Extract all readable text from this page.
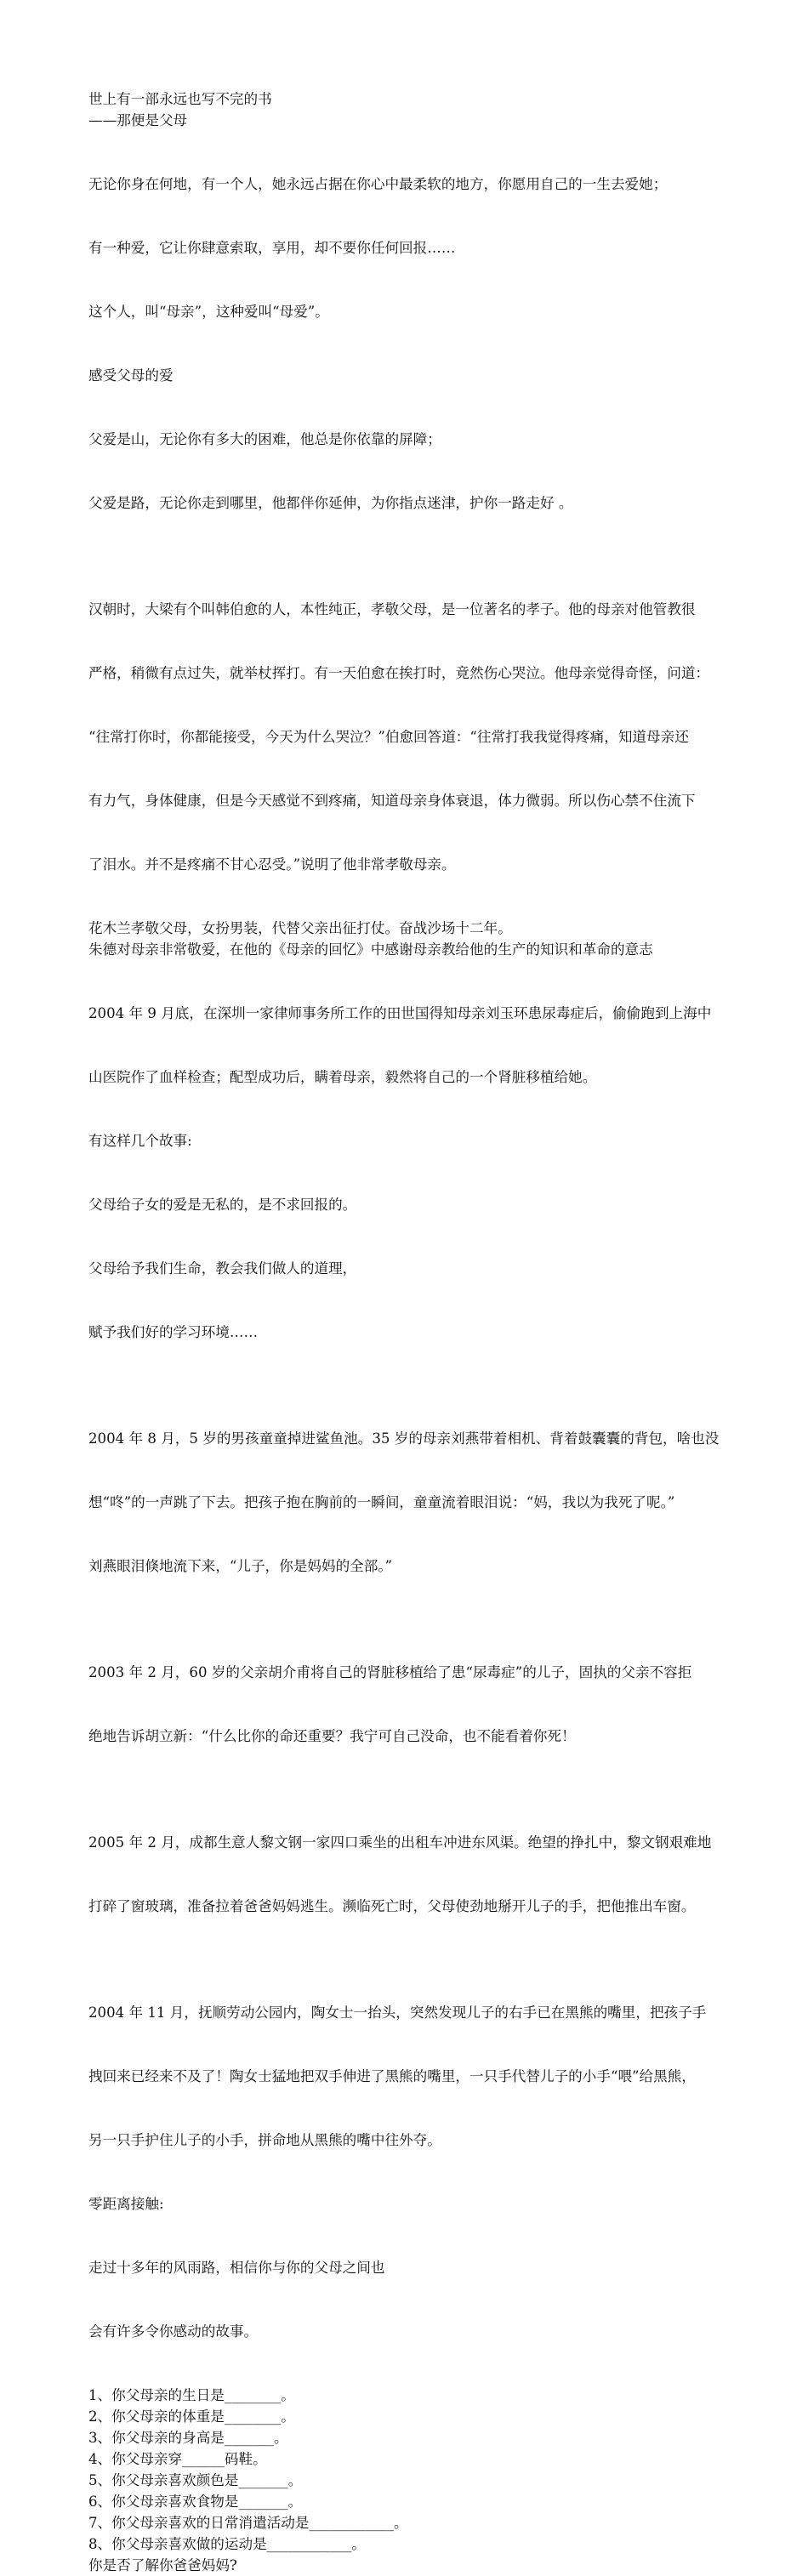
世上有一部永远也写不完的书

——那便是父母

无论你身在何地，有一个人，她永远占据在你心中最柔软的地方，你愿用自己的一生去爱她；

有一种爱，它让你肆意索取，享用，却不要你任何回报……

这个人，叫“母亲”，这种爱叫“母爱”。

感受父母的爱

父爱是山，无论你有多大的困难，他总是你依靠的屏障；

父爱是路，无论你走到哪里，他都伴你延伸，为你指点迷津，护你一路走好 。

汉朝时，大梁有个叫韩伯愈的人，本性纯正，孝敬父母，是一位著名的孝子。他的母亲对他管教很

严格，稍微有点过失，就举杖挥打。有一天伯愈在挨打时，竟然伤心哭泣。他母亲觉得奇怪，问道：

“往常打你时，你都能接受，今天为什么哭泣？”伯愈回答道：“往常打我我觉得疼痛，知道母亲还

有力气，身体健康，但是今天感觉不到疼痛，知道母亲身体衰退，体力微弱。所以伤心禁不住流下

了泪水。并不是疼痛不甘心忍受。”说明了他非常孝敬母亲。

花木兰孝敬父母，女扮男装，代替父亲出征打仗。奋战沙场十二年。

朱德对母亲非常敬爱，在他的《母亲的回忆》中感谢母亲教给他的生产的知识和革命的意志

2004 年 9 月底，在深圳一家律师事务所工作的田世国得知母亲刘玉环患尿毒症后，偷偷跑到上海中

山医院作了血样检查；配型成功后，瞒着母亲，毅然将自己的一个肾脏移植给她。

有这样几个故事:

父母给子女的爱是无私的，是不求回报的。

父母给予我们生命，教会我们做人的道理，

赋予我们好的学习环境……

2004 年 8 月，5 岁的男孩童童掉进鲨鱼池。35 岁的母亲刘燕带着相机、背着鼓囊囊的背包，啥也没

想“咚”的一声跳了下去。把孩子抱在胸前的一瞬间，童童流着眼泪说：“妈，我以为我死了呢。”

刘燕眼泪倏地流下来，“儿子，你是妈妈的全部。”

2003 年 2 月，60 岁的父亲胡介甫将自己的肾脏移植给了患“尿毒症”的儿子，固执的父亲不容拒

绝地告诉胡立新：“什么比你的命还重要？我宁可自己没命，也不能看着你死！

2005 年 2 月，成都生意人黎文钢一家四口乘坐的出租车冲进东风渠。绝望的挣扎中，黎文钢艰难地

打碎了窗玻璃，准备拉着爸爸妈妈逃生。濒临死亡时，父母使劲地掰开儿子的手，把他推出车窗。

2004 年 11 月，抚顺劳动公园内，陶女士一抬头，突然发现儿子的右手已在黑熊的嘴里，把孩子手

拽回来已经来不及了！陶女士猛地把双手伸进了黑熊的嘴里，一只手代替儿子的小手“喂”给黑熊，

另一只手护住儿子的小手，拼命地从黑熊的嘴中往外夺。

零距离接触:

走过十多年的风雨路，相信你与你的父母之间也

会有许多令你感动的故事。

1、你父母亲的生日是________。
2、你父母亲的体重是________。
3、你父母亲的身高是_______。
4、你父母亲穿______码鞋。
5、你父母亲喜欢颜色是_______。
6、你父母亲喜欢食物是_______。
7、你父母亲喜欢的日常消遣活动是____________。
8、你父母亲喜欢做的运动是____________。

你是否了解你爸爸妈妈?
